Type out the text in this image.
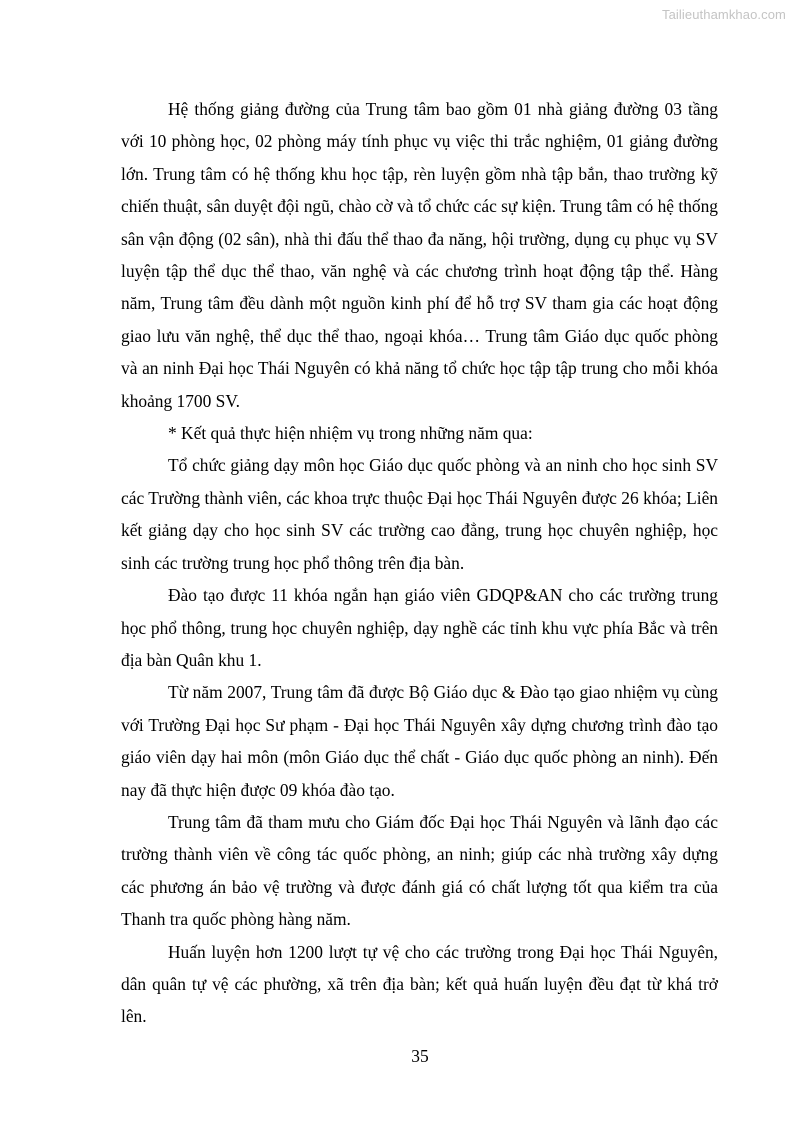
Tailieuthamkhao.com

Hệ thống giảng đường của Trung tâm bao gồm 01 nhà giảng đường 03 tầng với 10 phòng học, 02 phòng máy tính phục vụ việc thi trắc nghiệm, 01 giảng đường lớn. Trung tâm có hệ thống khu học tập, rèn luyện gồm nhà tập bắn, thao trường kỹ chiến thuật, sân duyệt đội ngũ, chào cờ và tổ chức các sự kiện. Trung tâm có hệ thống sân vận động (02 sân), nhà thi đấu thể thao đa năng, hội trường, dụng cụ phục vụ SV luyện tập thể dục thể thao, văn nghệ và các chương trình hoạt động tập thể. Hàng năm, Trung tâm đều dành một nguồn kinh phí để hỗ trợ SV tham gia các hoạt động giao lưu văn nghệ, thể dục thể thao, ngoại khóa… Trung tâm Giáo dục quốc phòng và an ninh Đại học Thái Nguyên có khả năng tổ chức học tập tập trung cho mỗi khóa khoảng 1700 SV.

* Kết quả thực hiện nhiệm vụ trong những năm qua:

Tổ chức giảng dạy môn học Giáo dục quốc phòng và an ninh cho học sinh SV các Trường thành viên, các khoa trực thuộc Đại học Thái Nguyên được 26 khóa; Liên kết giảng dạy cho học sinh SV các trường cao đẳng, trung học chuyên nghiệp, học sinh các trường trung học phổ thông trên địa bàn.

Đào tạo được 11 khóa ngắn hạn giáo viên GDQP&AN cho các trường trung học phổ thông, trung học chuyên nghiệp, dạy nghề các tỉnh khu vực phía Bắc và trên địa bàn Quân khu 1.

Từ năm 2007, Trung tâm đã được Bộ Giáo dục & Đào tạo giao nhiệm vụ cùng với Trường Đại học Sư phạm - Đại học Thái Nguyên xây dựng chương trình đào tạo giáo viên dạy hai môn (môn Giáo dục thể chất - Giáo dục quốc phòng an ninh). Đến nay đã thực hiện được 09 khóa đào tạo.

Trung tâm đã tham mưu cho Giám đốc Đại học Thái Nguyên và lãnh đạo các trường thành viên về công tác quốc phòng, an ninh; giúp các nhà trường xây dựng các phương án bảo vệ trường và được đánh giá có chất lượng tốt qua kiểm tra của Thanh tra quốc phòng hàng năm.

Huấn luyện hơn 1200 lượt tự vệ cho các trường trong Đại học Thái Nguyên, dân quân tự vệ các phường, xã trên địa bàn; kết quả huấn luyện đều đạt từ khá trở lên.

35
